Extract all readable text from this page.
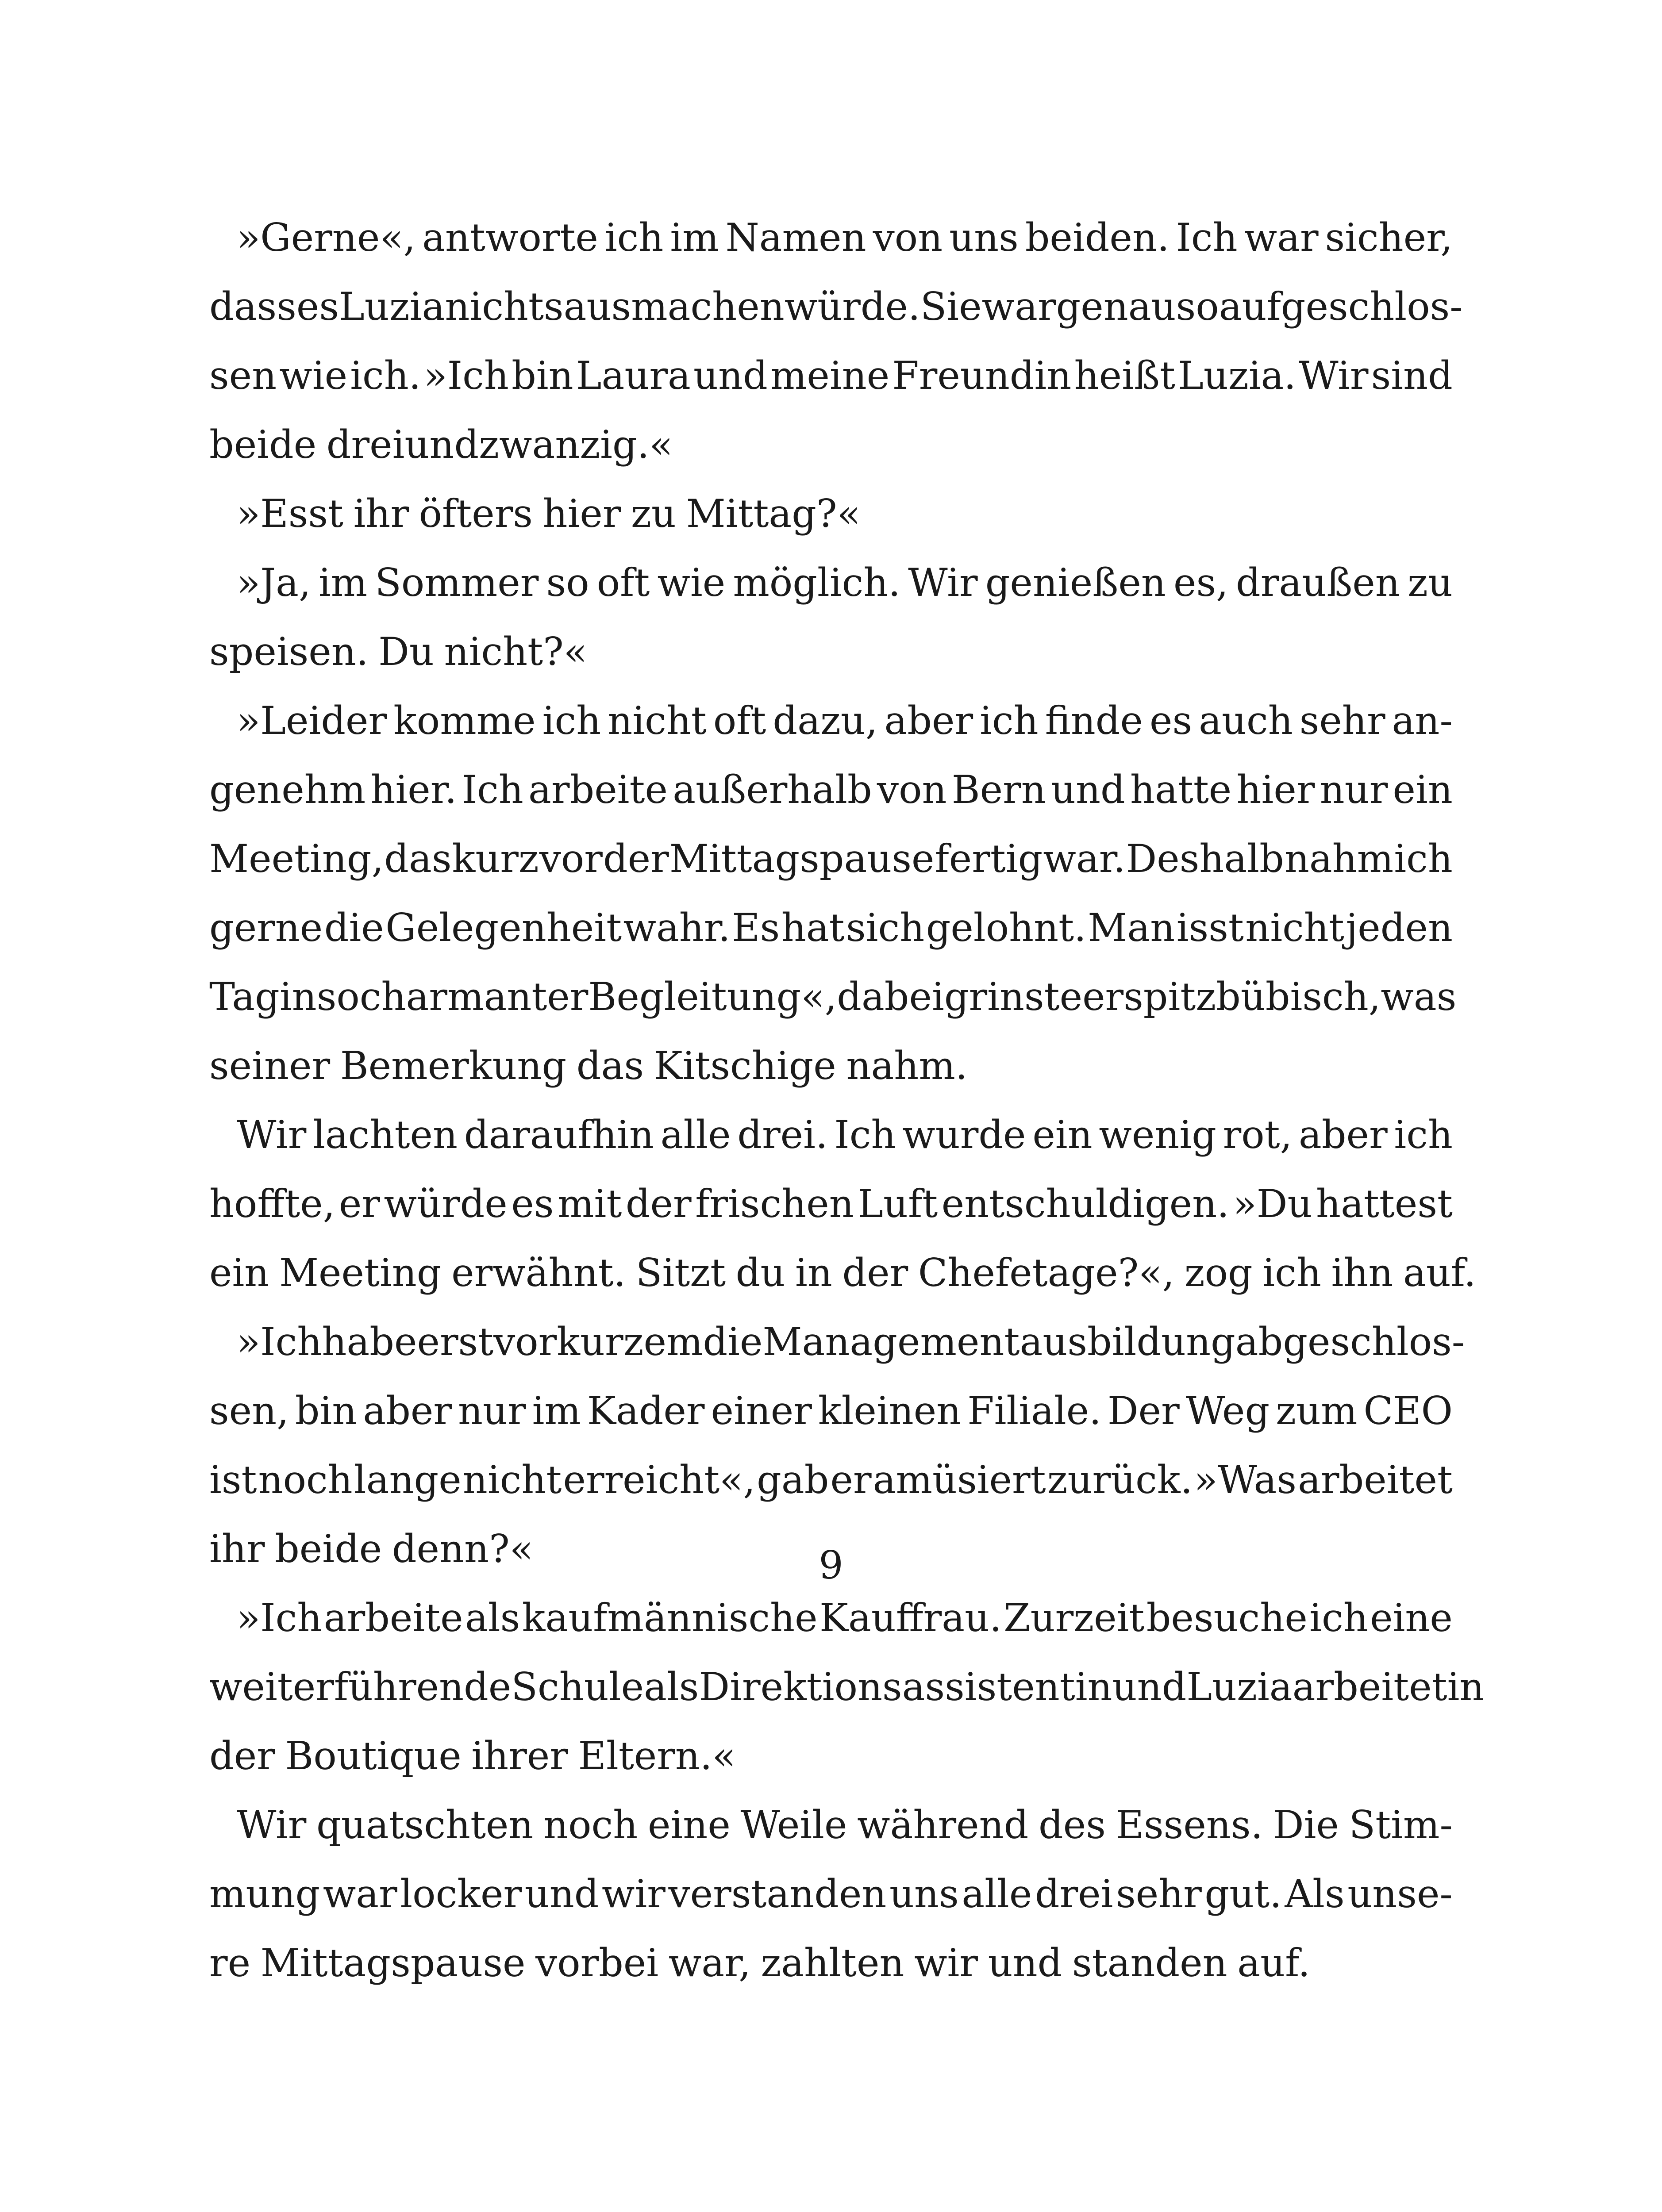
»Gerne«, antworte ich im Namen von uns beiden. Ich war sicher,
dass es Luzia nichts ausmachen würde. Sie war genauso aufgeschlos-
sen wie ich. »Ich bin Laura und meine Freundin heißt Luzia. Wir sind
beide dreiundzwanzig.«
»Esst ihr öfters hier zu Mittag?«
»Ja, im Sommer so oft wie möglich. Wir genießen es, draußen zu
speisen. Du nicht?«
»Leider komme ich nicht oft dazu, aber ich finde es auch sehr an-
genehm hier. Ich arbeite außerhalb von Bern und hatte hier nur ein
Meeting, das kurz vor der Mittagspause fertig war. Deshalb nahm ich
gerne die Gelegenheit wahr. Es hat sich gelohnt. Man isst nicht jeden
Tag in so charmanter Begleitung«, dabei grinste er spitzbübisch, was
seiner Bemerkung das Kitschige nahm.
Wir lachten daraufhin alle drei. Ich wurde ein wenig rot, aber ich
hoffte, er würde es mit der frischen Luft entschuldigen. »Du hattest
ein Meeting erwähnt. Sitzt du in der Chefetage?«, zog ich ihn auf.
»Ich habe erst vor kurzem die Managementausbildung abgeschlos-
sen, bin aber nur im Kader einer kleinen Filiale. Der Weg zum CEO
ist noch lange nicht erreicht«, gab er amüsiert zurück. »Was arbeitet
ihr beide denn?«
»Ich arbeite als kaufmännische Kauffrau. Zurzeit besuche ich eine
weiterführende Schule als Direktionsassistentin und Luzia arbeitet in
der Boutique ihrer Eltern.«
Wir quatschten noch eine Weile während des Essens. Die Stim-
mung war locker und wir verstanden uns alle drei sehr gut. Als unse-
re Mittagspause vorbei war, zahlten wir und standen auf.
9
